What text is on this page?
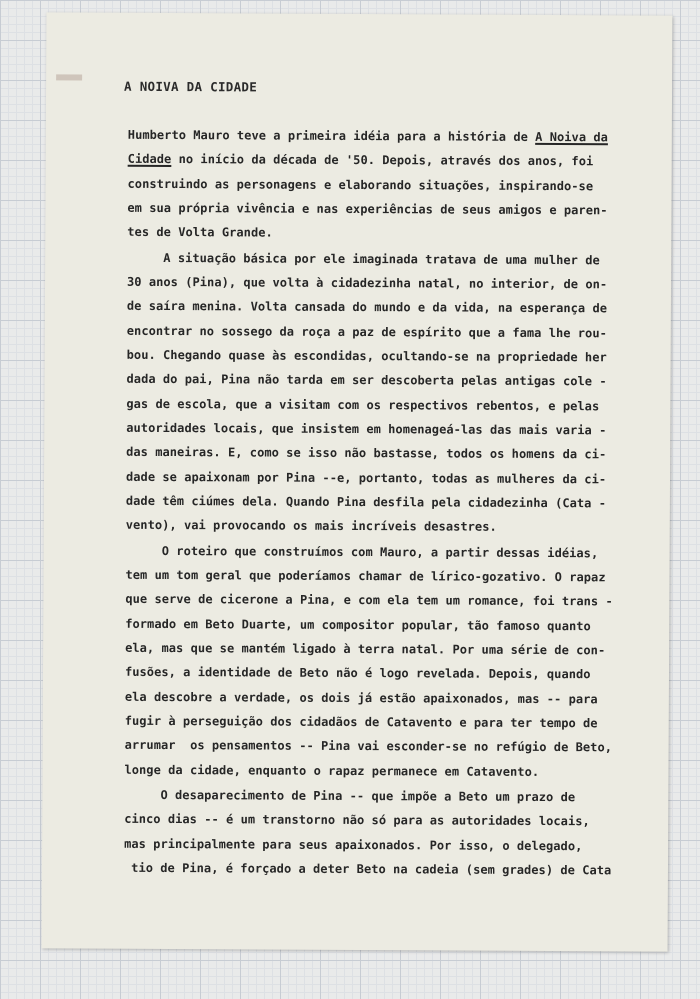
A NOIVA DA CIDADE
Humberto Mauro teve a primeira idéia para a história de A Noiva da
Cidade no início da década de '50. Depois, através dos anos, foi
construindo as personagens e elaborando situações, inspirando-se
em sua própria vivência e nas experiências de seus amigos e paren-
tes de Volta Grande.
A situação básica por ele imaginada tratava de uma mulher de
30 anos (Pina), que volta à cidadezinha natal, no interior, de on-
de saíra menina. Volta cansada do mundo e da vida, na esperança de
encontrar no sossego da roça a paz de espírito que a fama lhe rou-
bou. Chegando quase às escondidas, ocultando-se na propriedade her
dada do pai, Pina não tarda em ser descoberta pelas antigas cole -
gas de escola, que a visitam com os respectivos rebentos, e pelas
autoridades locais, que insistem em homenageá-las das mais varia -
das maneiras. E, como se isso não bastasse, todos os homens da ci-
dade se apaixonam por Pina --e, portanto, todas as mulheres da ci-
dade têm ciúmes dela. Quando Pina desfila pela cidadezinha (Cata -
vento), vai provocando os mais incríveis desastres.
O roteiro que construímos com Mauro, a partir dessas idéias,
tem um tom geral que poderíamos chamar de lírico-gozativo. O rapaz
que serve de cicerone a Pina, e com ela tem um romance, foi trans -
formado em Beto Duarte, um compositor popular, tão famoso quanto
ela, mas que se mantém ligado à terra natal. Por uma série de con-
fusões, a identidade de Beto não é logo revelada. Depois, quando
ela descobre a verdade, os dois já estão apaixonados, mas -- para
fugir à perseguição dos cidadãos de Catavento e para ter tempo de
arrumar  os pensamentos -- Pina vai esconder-se no refúgio de Beto,
longe da cidade, enquanto o rapaz permanece em Catavento.
O desaparecimento de Pina -- que impõe a Beto um prazo de
cinco dias -- é um transtorno não só para as autoridades locais,
mas principalmente para seus apaixonados. Por isso, o delegado,
tio de Pina, é forçado a deter Beto na cadeia (sem grades) de Cata
